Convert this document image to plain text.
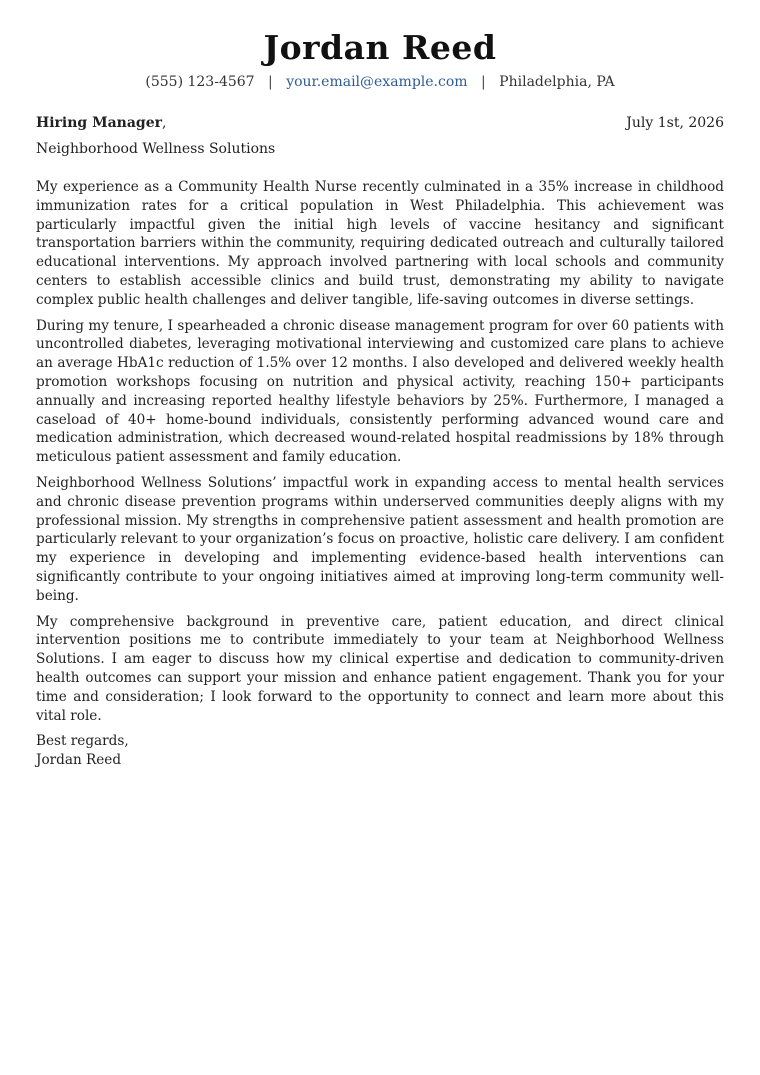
Jordan Reed
(555) 123-4567 | your.email@example.com | Philadelphia, PA
Hiring Manager,	July 1st, 2026
Neighborhood Wellness Solutions

My experience as a Community Health Nurse recently culminated in a 35% increase in childhood immunization rates for a critical population in West Philadelphia. This achievement was particularly impactful given the initial high levels of vaccine hesitancy and significant transportation barriers within the community, requiring dedicated outreach and culturally tailored educational interventions. My approach involved partnering with local schools and community centers to establish accessible clinics and build trust, demonstrating my ability to navigate complex public health challenges and deliver tangible, life-saving outcomes in diverse settings.

During my tenure, I spearheaded a chronic disease management program for over 60 patients with uncontrolled diabetes, leveraging motivational interviewing and customized care plans to achieve an average HbA1c reduction of 1.5% over 12 months. I also developed and delivered weekly health promotion workshops focusing on nutrition and physical activity, reaching 150+ participants annually and increasing reported healthy lifestyle behaviors by 25%. Furthermore, I managed a caseload of 40+ home-bound individuals, consistently performing advanced wound care and medication administration, which decreased wound-related hospital readmissions by 18% through meticulous patient assessment and family education.

Neighborhood Wellness Solutions’ impactful work in expanding access to mental health services and chronic disease prevention programs within underserved communities deeply aligns with my professional mission. My strengths in comprehensive patient assessment and health promotion are particularly relevant to your organization’s focus on proactive, holistic care delivery. I am confident my experience in developing and implementing evidence-based health interventions can significantly contribute to your ongoing initiatives aimed at improving long-term community well-being.

My comprehensive background in preventive care, patient education, and direct clinical intervention positions me to contribute immediately to your team at Neighborhood Wellness Solutions. I am eager to discuss how my clinical expertise and dedication to community-driven health outcomes can support your mission and enhance patient engagement. Thank you for your time and consideration; I look forward to the opportunity to connect and learn more about this vital role.

Best regards,
Jordan Reed
